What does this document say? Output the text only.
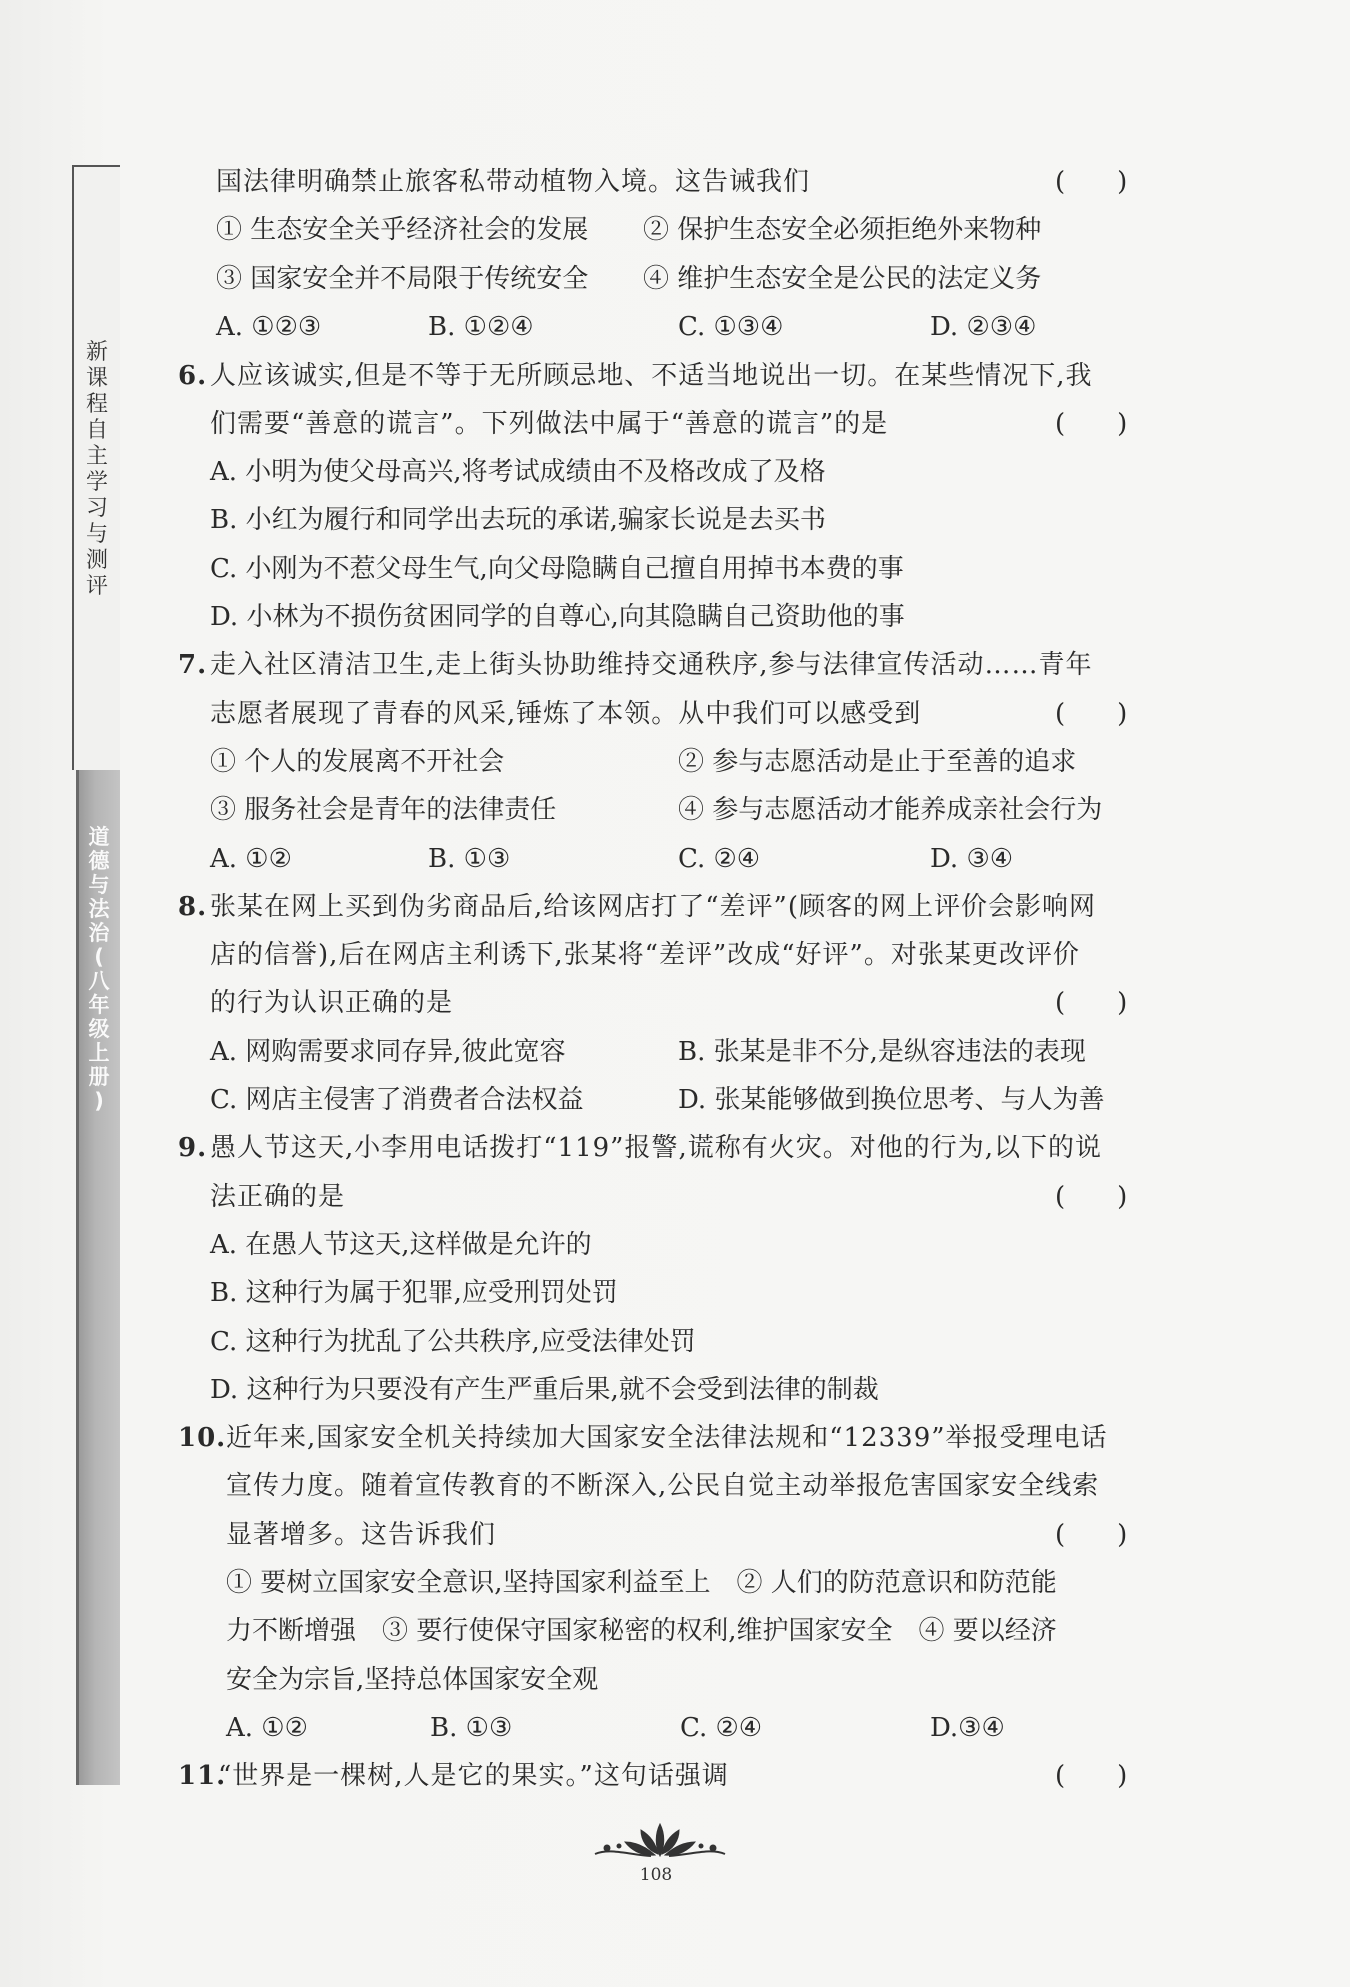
新
课
程
自
主
学
习
与
测
评
道
德
与
法
治
(
八
年
级
上
册
)
国法律明确禁止旅客私带动植物入境。这告诫我们	(　　)
① 生态安全关乎经济社会的发展 ② 保护生态安全必须拒绝外来物种
③ 国家安全并不局限于传统安全 ④ 维护生态安全是公民的法定义务
A. ①②③	B. ①②④	C. ①③④	D. ②③④
6. 人应该诚实,但是不等于无所顾忌地、不适当地说出一切。在某些情况下,我
们需要“善意的谎言”。下列做法中属于“善意的谎言”的是	(　　)
A. 小明为使父母高兴,将考试成绩由不及格改成了及格
B. 小红为履行和同学出去玩的承诺,骗家长说是去买书
C. 小刚为不惹父母生气,向父母隐瞒自己擅自用掉书本费的事
D. 小林为不损伤贫困同学的自尊心,向其隐瞒自己资助他的事
7. 走入社区清洁卫生,走上街头协助维持交通秩序,参与法律宣传活动……青年
志愿者展现了青春的风采,锤炼了本领。从中我们可以感受到	(　　)
① 个人的发展离不开社会	② 参与志愿活动是止于至善的追求
③ 服务社会是青年的法律责任	④ 参与志愿活动才能养成亲社会行为
A. ①②	B. ①③	C. ②④	D. ③④
8. 张某在网上买到伪劣商品后,给该网店打了“差评”(顾客的网上评价会影响网
店的信誉),后在网店主利诱下,张某将“差评”改成“好评”。对张某更改评价
的行为认识正确的是	(　　)
A. 网购需要求同存异,彼此宽容	B. 张某是非不分,是纵容违法的表现
C. 网店主侵害了消费者合法权益	D. 张某能够做到换位思考、与人为善
9. 愚人节这天,小李用电话拨打“119”报警,谎称有火灾。对他的行为,以下的说
法正确的是	(　　)
A. 在愚人节这天,这样做是允许的
B. 这种行为属于犯罪,应受刑罚处罚
C. 这种行为扰乱了公共秩序,应受法律处罚
D. 这种行为只要没有产生严重后果,就不会受到法律的制裁
10. 近年来,国家安全机关持续加大国家安全法律法规和“12339”举报受理电话
宣传力度。随着宣传教育的不断深入,公民自觉主动举报危害国家安全线索
显著增多。这告诉我们	(　　)
① 要树立国家安全意识,坚持国家利益至上　② 人们的防范意识和防范能
力不断增强　③ 要行使保守国家秘密的权利,维护国家安全　④ 要以经济
安全为宗旨,坚持总体国家安全观
A. ①②	B. ①③	C. ②④	D.③④
11.
“世界是一棵树,人是它的果实。”这句话强调	(　　)
108
